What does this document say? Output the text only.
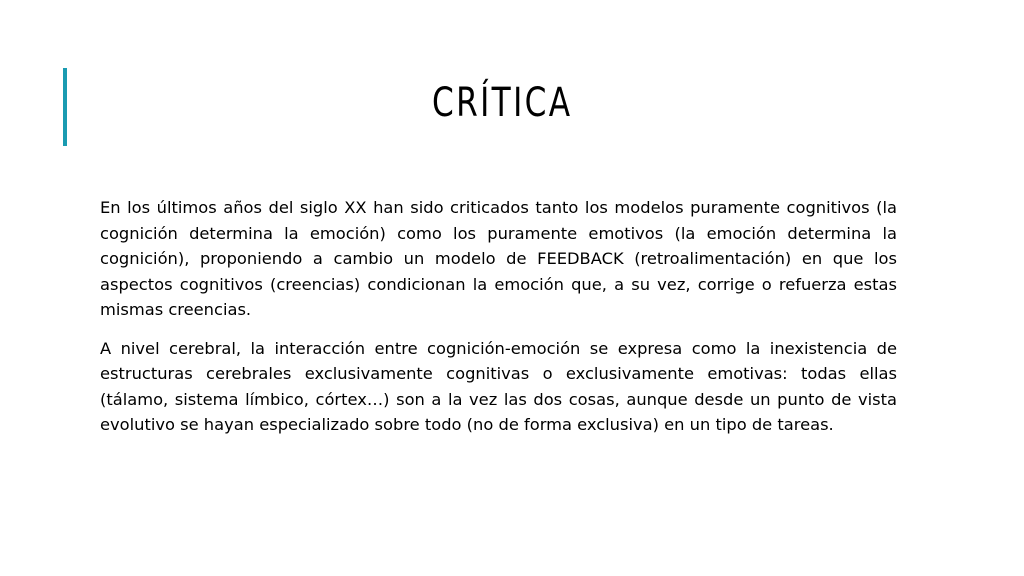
CRÍTICA

En los últimos años del siglo XX han sido criticados tanto los modelos puramente cognitivos (la cognición determina la emoción) como los puramente emotivos (la emoción determina la cognición), proponiendo a cambio un modelo de FEEDBACK (retroalimentación) en que los aspectos cognitivos (creencias) condicionan la emoción que, a su vez, corrige o refuerza estas mismas creencias.

A nivel cerebral, la interacción entre cognición-emoción se expresa como la inexistencia de estructuras cerebrales exclusivamente cognitivas o exclusivamente emotivas: todas ellas (tálamo, sistema límbico, córtex…) son a la vez las dos cosas, aunque desde un punto de vista evolutivo se hayan especializado sobre todo (no de forma exclusiva) en un tipo de tareas.
